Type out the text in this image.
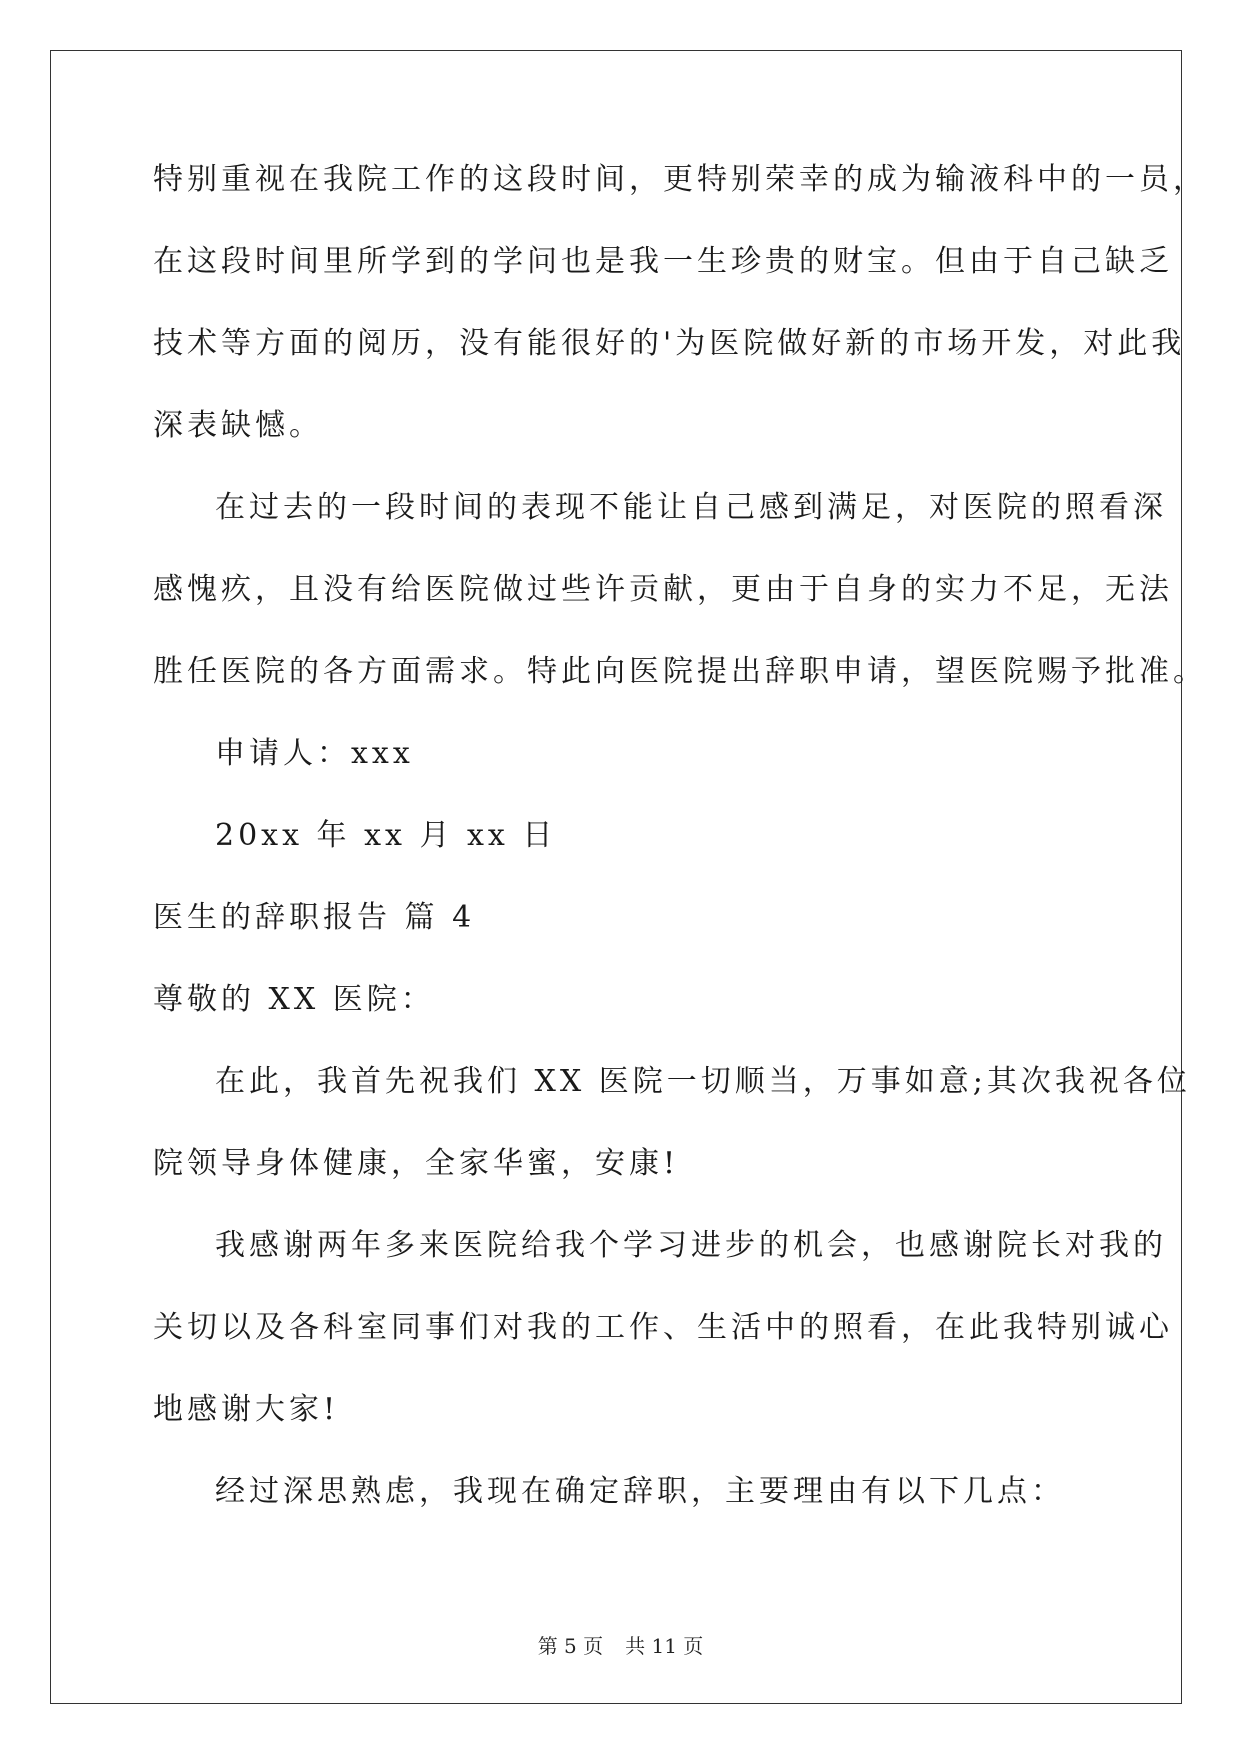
特别重视在我院工作的这段时间，更特别荣幸的成为输液科中的一员，
在这段时间里所学到的学问也是我一生珍贵的财宝。但由于自己缺乏
技术等方面的阅历，没有能很好的'为医院做好新的市场开发，对此我
深表缺憾。
在过去的一段时间的表现不能让自己感到满足，对医院的照看深
感愧疚，且没有给医院做过些许贡献，更由于自身的实力不足，无法
胜任医院的各方面需求。特此向医院提出辞职申请，望医院赐予批准。
申请人：xxx
20xx 年 xx 月 xx 日
医生的辞职报告 篇 4
尊敬的 XX 医院：
在此，我首先祝我们 XX 医院一切顺当，万事如意;其次我祝各位
院领导身体健康，全家华蜜，安康!
我感谢两年多来医院给我个学习进步的机会，也感谢院长对我的
关切以及各科室同事们对我的工作、生活中的照看，在此我特别诚心
地感谢大家!
经过深思熟虑，我现在确定辞职，主要理由有以下几点：
第 5 页 共 11 页
